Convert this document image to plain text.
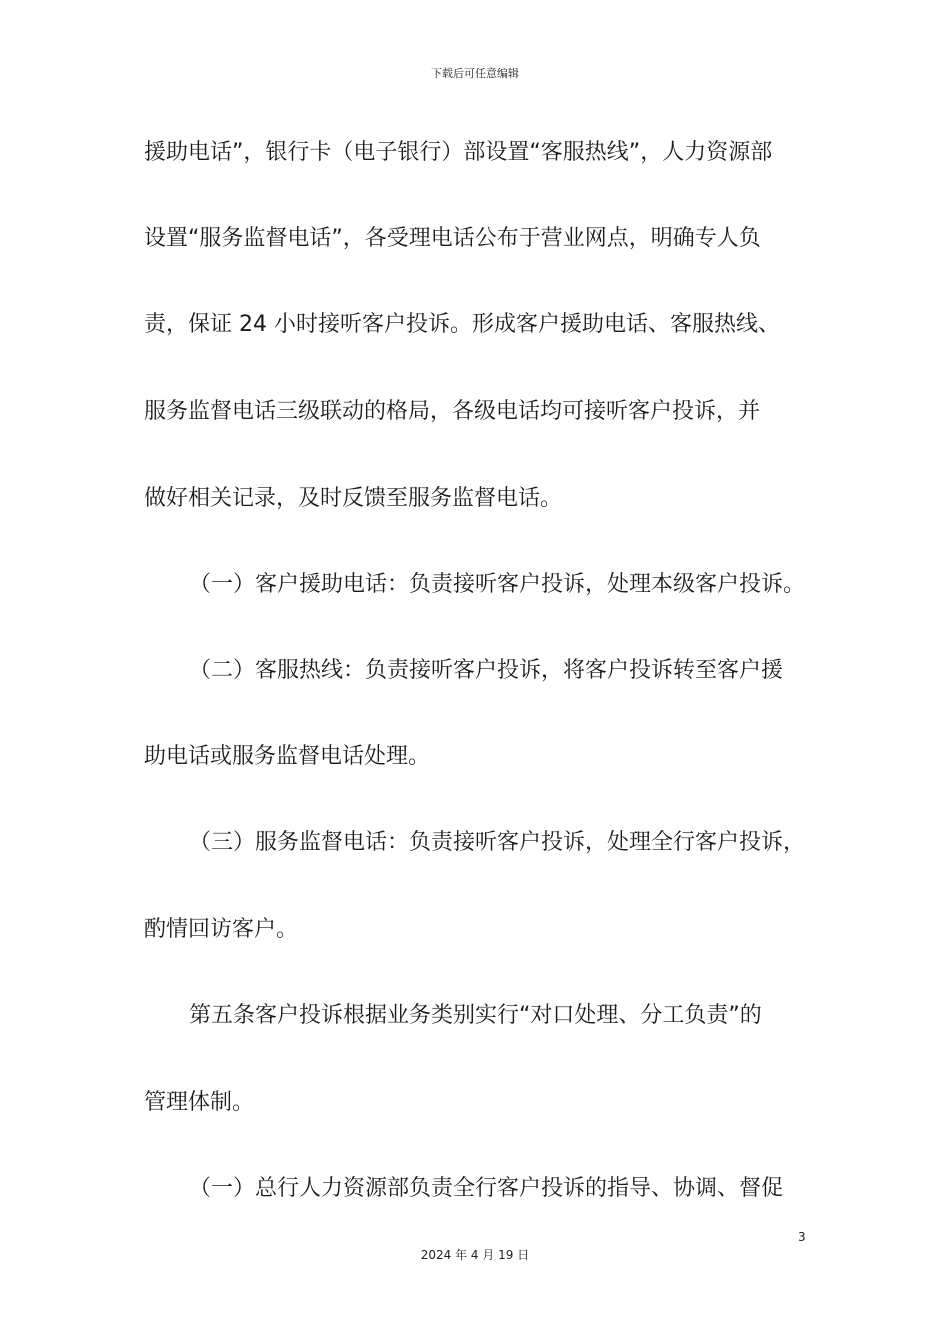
下载后可任意编辑
援助电话”，银行卡（电子银行）部设置“客服热线”，人力资源部
设置“服务监督电话”，各受理电话公布于营业网点，明确专人负
责，保证 24 小时接听客户投诉。形成客户援助电话、客服热线、
服务监督电话三级联动的格局，各级电话均可接听客户投诉，并
做好相关记录，及时反馈至服务监督电话。
（一）客户援助电话：负责接听客户投诉，处理本级客户投诉。
（二）客服热线：负责接听客户投诉，将客户投诉转至客户援
助电话或服务监督电话处理。
（三）服务监督电话：负责接听客户投诉，处理全行客户投诉，
酌情回访客户。
第五条客户投诉根据业务类别实行“对口处理、分工负责”的
管理体制。
（一）总行人力资源部负责全行客户投诉的指导、协调、督促
3
2024 年 4 月 19 日
